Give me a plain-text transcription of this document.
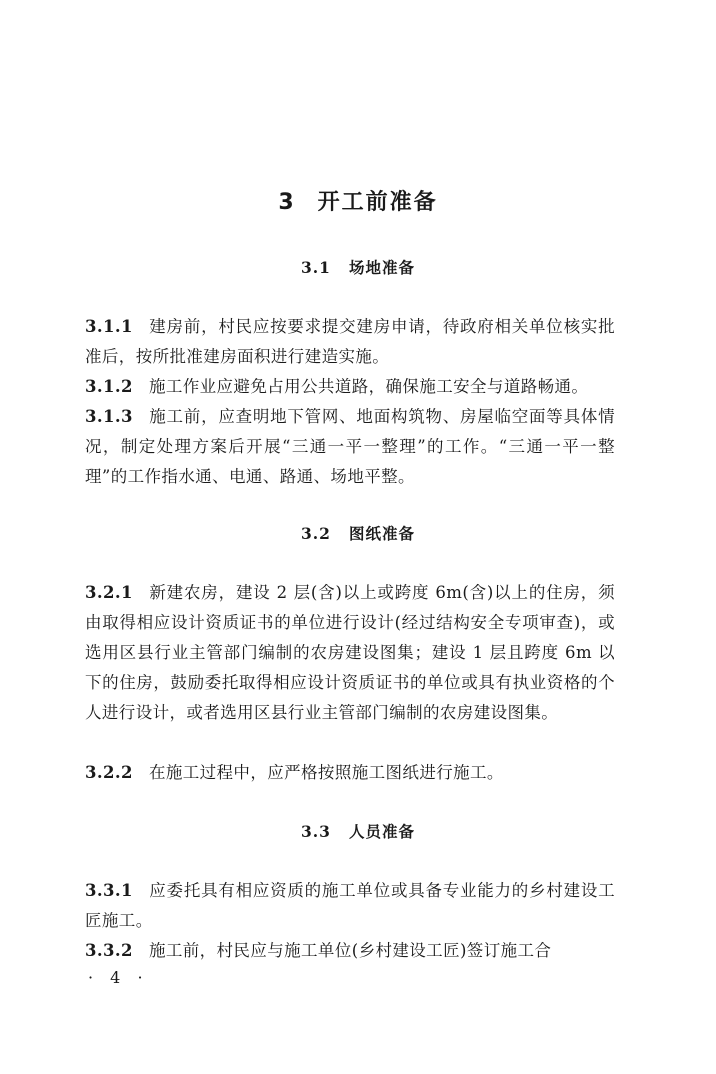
3 开工前准备
3.1 场地准备
3.1.1 建房前，村民应按要求提交建房申请，待政府相关单位核实批准后，按所批准建房面积进行建造实施。
3.1.2 施工作业应避免占用公共道路，确保施工安全与道路畅通。
3.1.3 施工前，应查明地下管网、地面构筑物、房屋临空面等具体情况，制定处理方案后开展“三通一平一整理”的工作。“三通一平一整理”的工作指水通、电通、路通、场地平整。
3.2 图纸准备
3.2.1 新建农房，建设 2 层(含)以上或跨度 6m(含)以上的住房，须由取得相应设计资质证书的单位进行设计(经过结构安全专项审查)，或选用区县行业主管部门编制的农房建设图集；建设 1 层且跨度 6m 以下的住房，鼓励委托取得相应设计资质证书的单位或具有执业资格的个人进行设计，或者选用区县行业主管部门编制的农房建设图集。
3.2.2 在施工过程中，应严格按照施工图纸进行施工。
3.3 人员准备
3.3.1 应委托具有相应资质的施工单位或具备专业能力的乡村建设工匠施工。
3.3.2 施工前，村民应与施工单位(乡村建设工匠)签订施工合
· 4 ·
